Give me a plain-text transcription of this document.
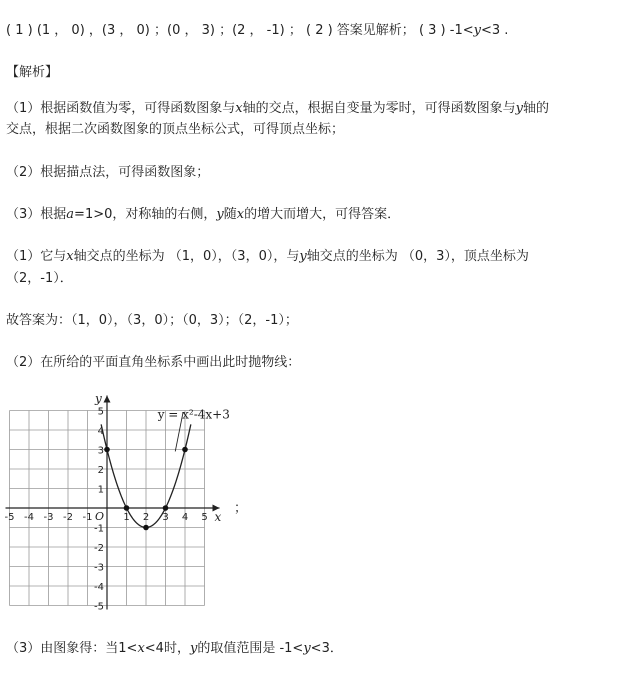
( 1 ) (1 ， 0) ，(3 ， 0) ；(0 ， 3) ；(2 ， -1) ； ( 2 ) 答案见解析； ( 3 ) -1<y<3 .
【解析】
（1）根据函数值为零，可得函数图象与x轴的交点，根据自变量为零时，可得函数图象与y轴的
交点，根据二次函数图象的顶点坐标公式，可得顶点坐标；
（2）根据描点法，可得函数图象；
（3）根据a=1>0，对称轴的右侧，y随x的增大而增大，可得答案．
（1）它与x轴交点的坐标为 （1，0），（3，0），与y轴交点的坐标为 （0，3），顶点坐标为
（2，-1）．
故答案为：（1，0），（3，0）；（0，3）；（2，-1）；
（2）在所给的平面直角坐标系中画出此时抛物线：
x
y
O
-5 -4 -3 -2 -1	1 2 3 4 5
5
4
3
2
1
-1
-2
-3
-4
-5
y = x²-4x+3
；
（3）由图象得：当1<x<4时，y的取值范围是 -1<y<3．
